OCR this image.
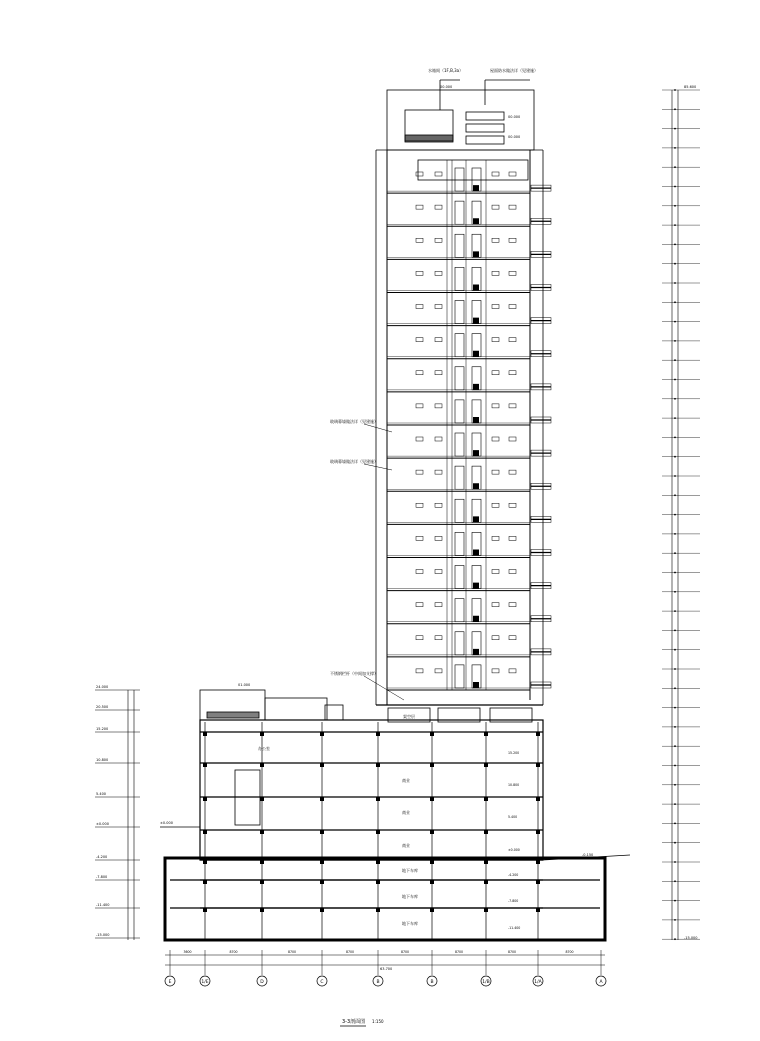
办公室
15.200
商业
10.800
商业
5.400
商业
±0.000
地下车库
-4.200
地下车库
-7.800
地下车库
-11.400
24.000
20.500
15.200
10.800
5.400
±0.000
-4.200
-7.800
-11.400
-15.000
E	1/E	D	C	B	B	1/B	1/A	A
3600	8700	8700	8700	8700	8700	8700	8700
水箱间（1F,B,3a）	屋面防水做法详（见建施）
00.000
00.000
00.000
玻璃幕墙做法详（见建施）
玻璃幕墙做法详（见建施）
不锈钢栏杆（中间加支撑）
架空层
01.000
±0.000
-0.150
63.700
85.600
-15.000
3-3剖面图 1:150
